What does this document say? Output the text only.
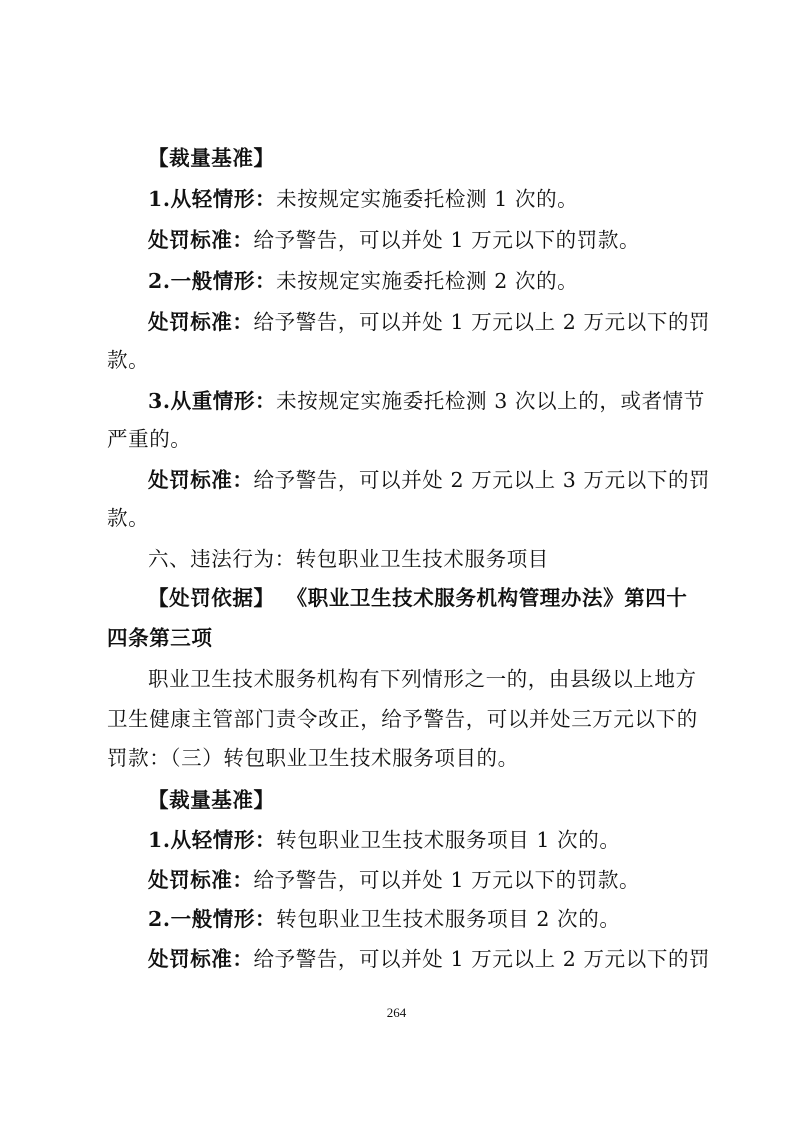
【裁量基准】
1.从轻情形：未按规定实施委托检测 1 次的。
处罚标准：给予警告，可以并处 1 万元以下的罚款。
2.一般情形：未按规定实施委托检测 2 次的。
处罚标准：给予警告，可以并处 1 万元以上 2 万元以下的罚
款。
3.从重情形：未按规定实施委托检测 3 次以上的，或者情节
严重的。
处罚标准：给予警告，可以并处 2 万元以上 3 万元以下的罚
款。
六、违法行为：转包职业卫生技术服务项目
【处罚依据】 《职业卫生技术服务机构管理办法》第四十
四条第三项
职业卫生技术服务机构有下列情形之一的，由县级以上地方
卫生健康主管部门责令改正，给予警告，可以并处三万元以下的
罚款：（三）转包职业卫生技术服务项目的。
【裁量基准】
1.从轻情形：转包职业卫生技术服务项目 1 次的。
处罚标准：给予警告，可以并处 1 万元以下的罚款。
2.一般情形：转包职业卫生技术服务项目 2 次的。
处罚标准：给予警告，可以并处 1 万元以上 2 万元以下的罚
264
